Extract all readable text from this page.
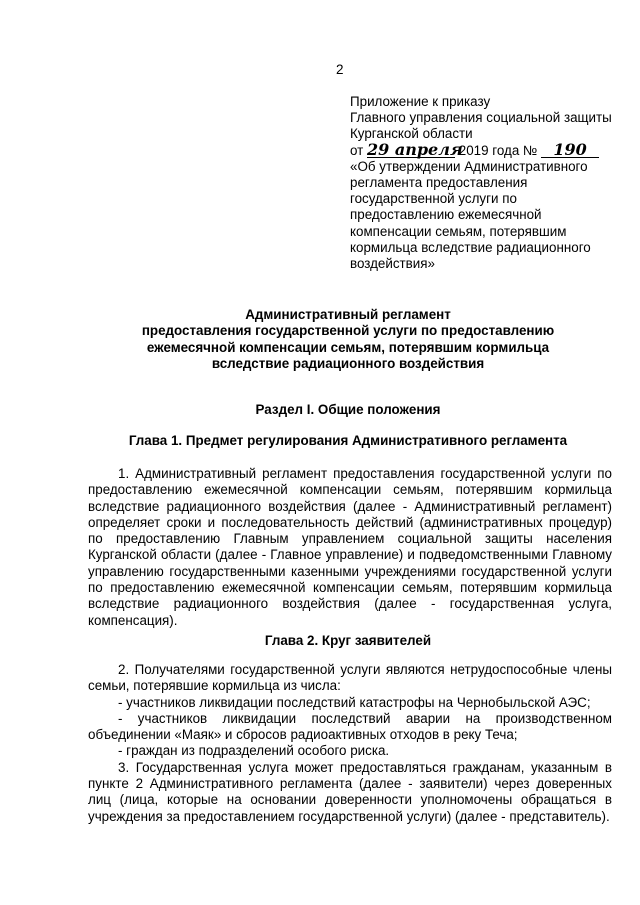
2
Приложение к приказу
Главного управления социальной защиты
Курганской области
от 29 апреля 2019 года № 190
«Об утверждении Административного
регламента предоставления
государственной услуги по
предоставлению ежемесячной
компенсации семьям, потерявшим
кормильца вследствие радиационного
воздействия»
Административный регламент
предоставления государственной услуги по предоставлению
ежемесячной компенсации семьям, потерявшим кормильца
вследствие радиационного воздействия
Раздел I. Общие положения
Глава 1. Предмет регулирования Административного регламента

1. Административный регламент предоставления государственной услуги по предоставлению ежемесячной компенсации семьям, потерявшим кормильца вследствие радиационного воздействия (далее - Административный регламент) определяет сроки и последовательность действий (административных процедур) по предоставлению Главным управлением социальной защиты населения Курганской области (далее - Главное управление) и подведомственными Главному управлению государственными казенными учреждениями государственной услуги по предоставлению ежемесячной компенсации семьям, потерявшим кормильца вследствие радиационного воздействия (далее - государственная услуга, компенсация).

Глава 2. Круг заявителей

2. Получателями государственной услуги являются нетрудоспособные члены семьи, потерявшие кормильца из числа:

- участников ликвидации последствий катастрофы на Чернобыльской АЭС;

- участников ликвидации последствий аварии на производственном объединении «Маяк» и сбросов радиоактивных отходов в реку Теча;

- граждан из подразделений особого риска.

3. Государственная услуга может предоставляться гражданам, указанным в пункте 2 Административного регламента (далее - заявители) через доверенных лиц (лица, которые на основании доверенности уполномочены обращаться в учреждения за предоставлением государственной услуги) (далее - представитель).
